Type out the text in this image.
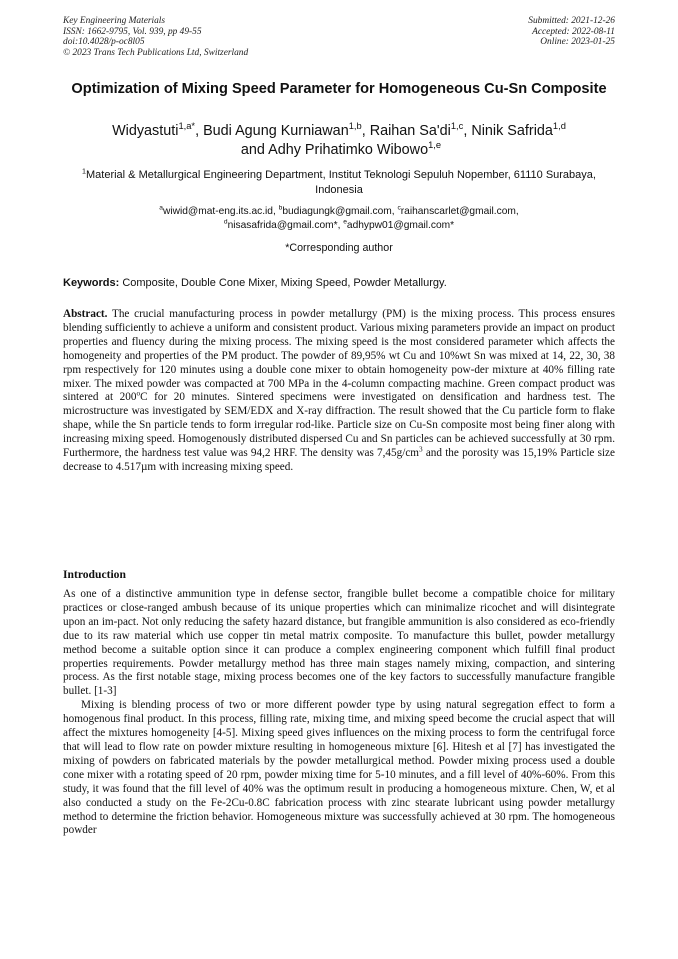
Key Engineering Materials
ISSN: 1662-9795, Vol. 939, pp 49-55
doi:10.4028/p-oc8l05
© 2023 Trans Tech Publications Ltd, Switzerland
Submitted: 2021-12-26
Accepted: 2022-08-11
Online: 2023-01-25
Optimization of Mixing Speed Parameter for Homogeneous Cu-Sn Composite
Widyastuti$^{1,a*}$, Budi Agung Kurniawan$^{1,b}$, Raihan Sa'di$^{1,c}$, Ninik Safrida$^{1,d}$
and Adhy Prihatimko Wibowo$^{1,e}$
$^1$Material & Metallurgical Engineering Department, Institut Teknologi Sepuluh Nopember, 61110 Surabaya, Indonesia
$^a$wiwid@mat-eng.its.ac.id, $^b$budiagungk@gmail.com, $^c$raihanscarlet@gmail.com,
$^d$nisasafrida@gmail.com*, $^e$adhypw01@gmail.com*
*Corresponding author
Keywords: Composite, Double Cone Mixer, Mixing Speed, Powder Metallurgy.
Abstract. The crucial manufacturing process in powder metallurgy (PM) is the mixing process. This process ensures blending sufficiently to achieve a uniform and consistent product. Various mixing parameters provide an impact on product properties and fluency during the mixing process. The mixing speed is the most considered parameter which affects the homogeneity and properties of the PM product. The powder of 89,95% wt Cu and 10%wt Sn was mixed at 14, 22, 30, 38 rpm respectively for 120 minutes using a double cone mixer to obtain homogeneity pow-der mixture at 40% filling rate mixer. The mixed powder was compacted at 700 MPa in the 4-column compacting machine. Green compact product was sintered at 200$^o$C for 20 minutes. Sintered specimens were investigated on densification and hardness test. The microstructure was investigated by SEM/EDX and X-ray diffraction. The result showed that the Cu particle form to flake shape, while the Sn particle tends to form irregular rod-like. Particle size on Cu-Sn composite most being finer along with increasing mixing speed. Homogenously distributed dispersed Cu and Sn particles can be achieved successfully at 30 rpm. Furthermore, the hardness test value was 94,2 HRF. The density was $7,45g/cm^3$ and the porosity was 15,19% Particle size decrease to 4.517µm with increasing mixing speed.
Introduction

As one of a distinctive ammunition type in defense sector, frangible bullet become a compatible choice for military practices or close-ranged ambush because of its unique properties which can minimalize ricochet and will disintegrate upon an im-pact. Not only reducing the safety hazard distance, but frangible ammunition is also considered as eco-friendly due to its raw material which use copper tin metal matrix composite. To manufacture this bullet, powder metallurgy method become a suitable option since it can produce a complex engineering component which fulfill final product properties requirements. Powder metallurgy method has three main stages namely mixing, compaction, and sintering process. As the first notable stage, mixing process becomes one of the key factors to successfully manufacture frangible bullet. [1-3]

Mixing is blending process of two or more different powder type by using natural segregation effect to form a homogenous final product. In this process, filling rate, mixing time, and mixing speed become the crucial aspect that will affect the mixtures homogeneity [4-5]. Mixing speed gives influences on the mixing process to form the centrifugal force that will lead to flow rate on powder mixture resulting in homogeneous mixture [6]. Hitesh et al [7] has investigated the mixing of powders on fabricated materials by the powder metallurgical method. Powder mixing process used a double cone mixer with a rotating speed of 20 rpm, powder mixing time for 5-10 minutes, and a fill level of 40%-60%. From this study, it was found that the fill level of 40% was the optimum result in producing a homogeneous mixture. Chen, W, et al also conducted a study on the Fe-2Cu-0.8C fabrication process with zinc stearate lubricant using powder metallurgy method to determine the friction behavior. Homogeneous mixture was successfully achieved at 30 rpm. The homogeneous powder
